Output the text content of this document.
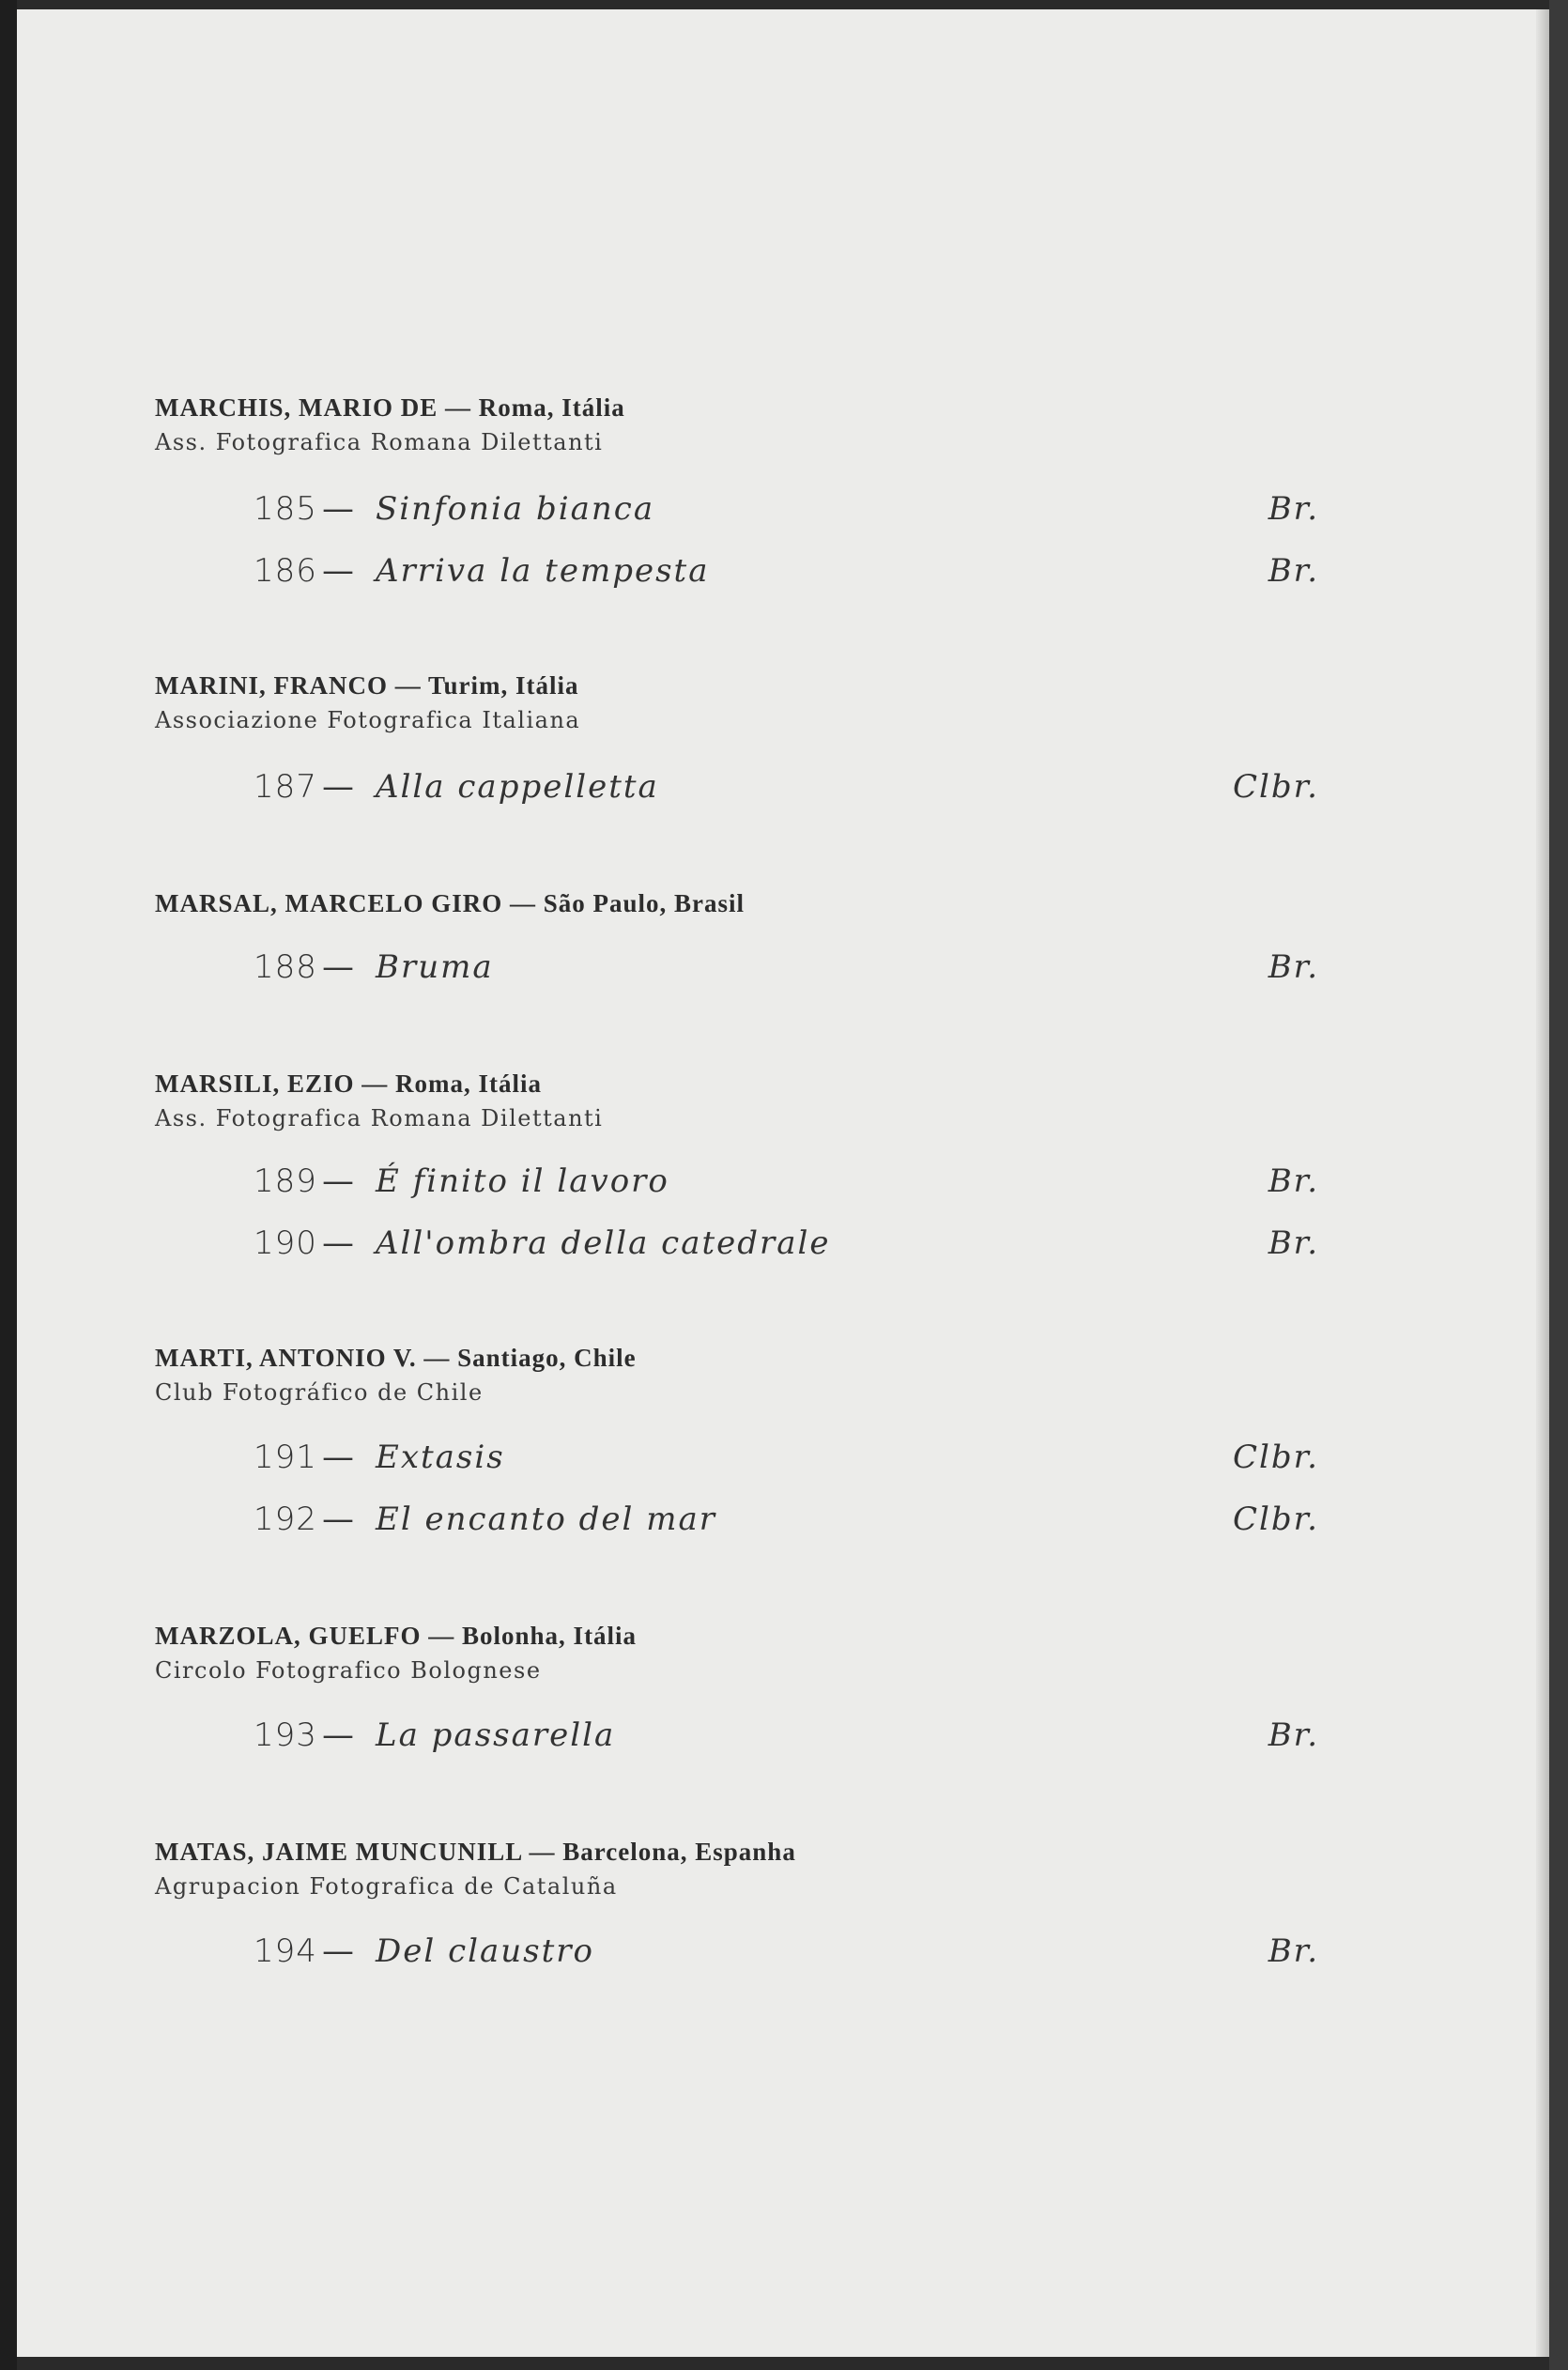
MARCHIS, MARIO DE — Roma, Itália
Ass. Fotografica Romana Dilettanti
185 — Sinfonia bianca	Br.
186 — Arriva la tempesta	Br.
MARINI, FRANCO — Turim, Itália
Associazione Fotografica Italiana
187 — Alla cappelletta	Clbr.
MARSAL, MARCELO GIRO — São Paulo, Brasil
188 — Bruma	Br.
MARSILI, EZIO — Roma, Itália
Ass. Fotografica Romana Dilettanti
189 — É finito il lavoro	Br.
190 — All'ombra della catedrale	Br.
MARTI, ANTONIO V. — Santiago, Chile
Club Fotográfico de Chile
191 — Extasis	Clbr.
192 — El encanto del mar	Clbr.
MARZOLA, GUELFO — Bolonha, Itália
Circolo Fotografico Bolognese
193 — La passarella	Br.
MATAS, JAIME MUNCUNILL — Barcelona, Espanha
Agrupacion Fotografica de Cataluña
194 — Del claustro	Br.
